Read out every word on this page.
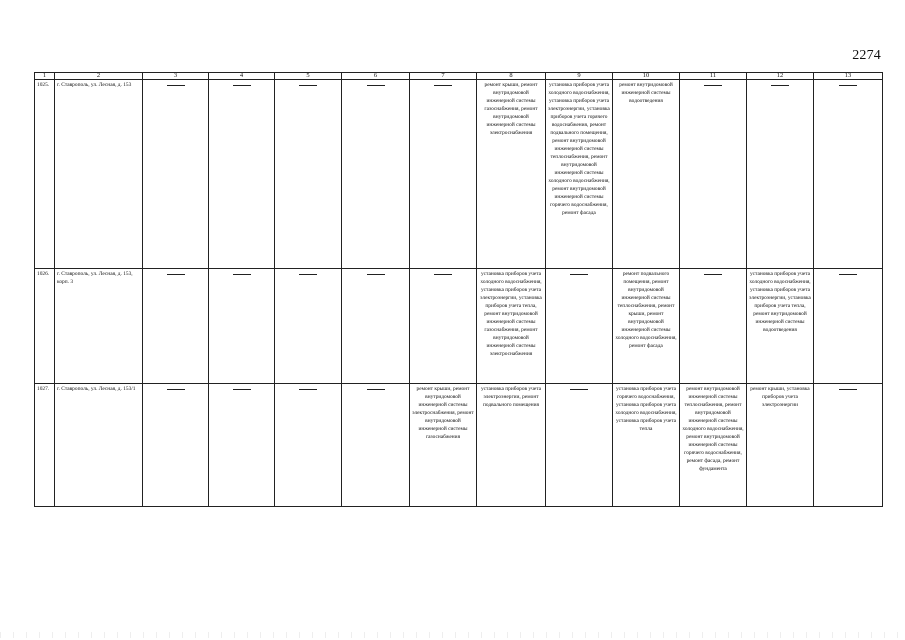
2274
1	2	3	4	5	6	7	8	9	10	11	12	13
1025.	г. Ставрополь, ул. Лесная, д. 153						ремонт крыши, ремонт внутридомовой инженерной системы газоснабжения, ремонт внутридомовой инженерной системы электроснабжения	установка приборов учета холодного водоснабжения, установка приборов учета электроэнергии, установка приборов учета горячего водоснабжения, ремонт подвального помещения, ремонт внутридомовой инженерной системы теплоснабжения, ремонт внутридомовой инженерной системы холодного водоснабжения, ремонт внутридомовой инженерной системы горячего водоснабжения, ремонт фасада	ремонт внутридомовой инженерной системы водоотведения	

1026.	г. Ставрополь, ул. Лесная, д. 153, корп. 3						установка приборов учета холодного водоснабжения, установка приборов учета электроэнергии, установка приборов учета тепла, ремонт внутридомовой инженерной системы газоснабжения, ремонт внутридомовой инженерной системы электроснабжения		ремонт подвального помещения, ремонт внутридомовой инженерной системы теплоснабжения, ремонт крыши, ремонт внутридомовой инженерной системы холодного водоснабжения, ремонт фасада		установка приборов учета холодного водоснабжения, установка приборов учета электроэнергии, установка приборов учета тепла, ремонт внутридомовой инженерной системы водоотведения	

1027.	г. Ставрополь, ул. Лесная, д. 153/1					ремонт крыши, ремонт внутридомовой инженерной системы электроснабжения, ремонт внутридомовой инженерной системы газоснабжения	установка приборов учета электроэнергии, ремонт подвального помещения		установка приборов учета горячего водоснабжения, установка приборов учета холодного водоснабжения, установка приборов учета тепла	ремонт внутридомовой инженерной системы теплоснабжения, ремонт внутридомовой инженерной системы холодного водоснабжения, ремонт внутридомовой инженерной системы горячего водоснабжения, ремонт фасада, ремонт фундамента	ремонт крыши, установка приборов учета электроэнергии	
